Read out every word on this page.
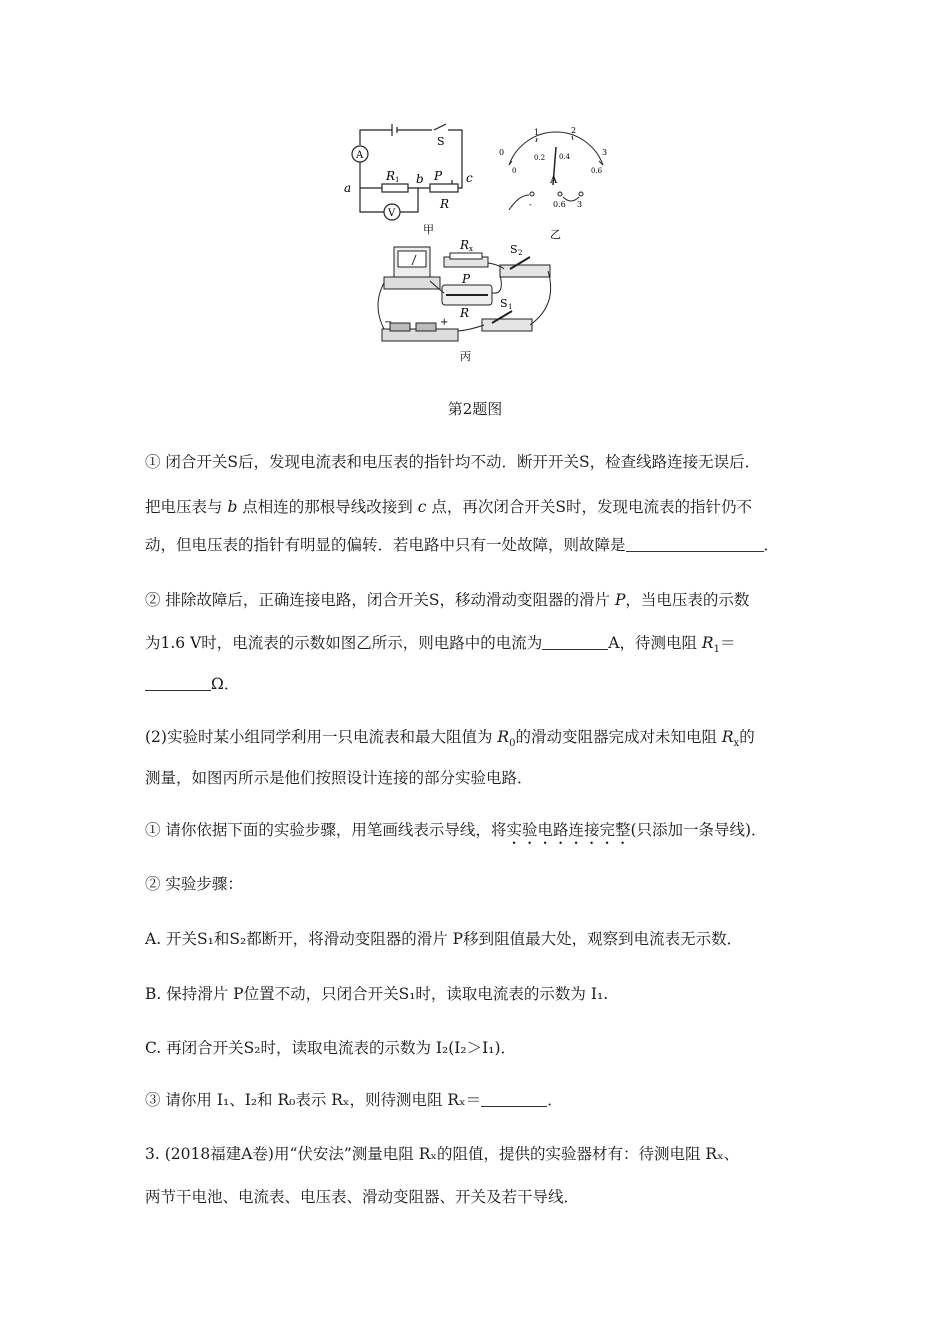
A
V
S
R 1
a
b	c
P
R
甲
0
1	2
3
0
0.2 0.4
0.6
A
-	0.6 3
乙
R x	S 2
S 1
P
R
−	+
丙
第2题图
① 闭合开关S后，发现电流表和电压表的指针均不动．断开开关S，检查线路连接无误后．
把电压表与 b 点相连的那根导线改接到 c 点，再次闭合开关S时，发现电流表的指针仍不
动，但电压表的指针有明显的偏转．若电路中只有一处故障，则故障是	．
② 排除故障后，正确连接电路，闭合开关S，移动滑动变阻器的滑片 P，当电压表的示数
为1.6 V时，电流表的示数如图乙所示，则电路中的电流为	A，待测电阻 $R_1=$
Ω．
(2)实验时某小组同学利用一只电流表和最大阻值为 $R_0$的滑动变阻器完成对未知电阻 $R_x$的
测量，如图丙所示是他们按照设计连接的部分实验电路．
① 请你依据下面的实验步骤，用笔画线表示导线，将实验电路连接完整(只添加一条导线)．
② 实验步骤：
A. 开关S₁和S₂都断开，将滑动变阻器的滑片 P移到阻值最大处，观察到电流表无示数．
B. 保持滑片 P位置不动，只闭合开关S₁时，读取电流表的示数为 I₁.
C. 再闭合开关S₂时，读取电流表的示数为 I₂(I₂＞I₁)．
③ 请你用 I₁、I₂和 R₀表示 Rₓ，则待测电阻 Rₓ＝	．
3. (2018福建A卷)用“伏安法”测量电阻 Rₓ的阻值，提供的实验器材有：待测电阻 Rₓ、
两节干电池、电流表、电压表、滑动变阻器、开关及若干导线．
